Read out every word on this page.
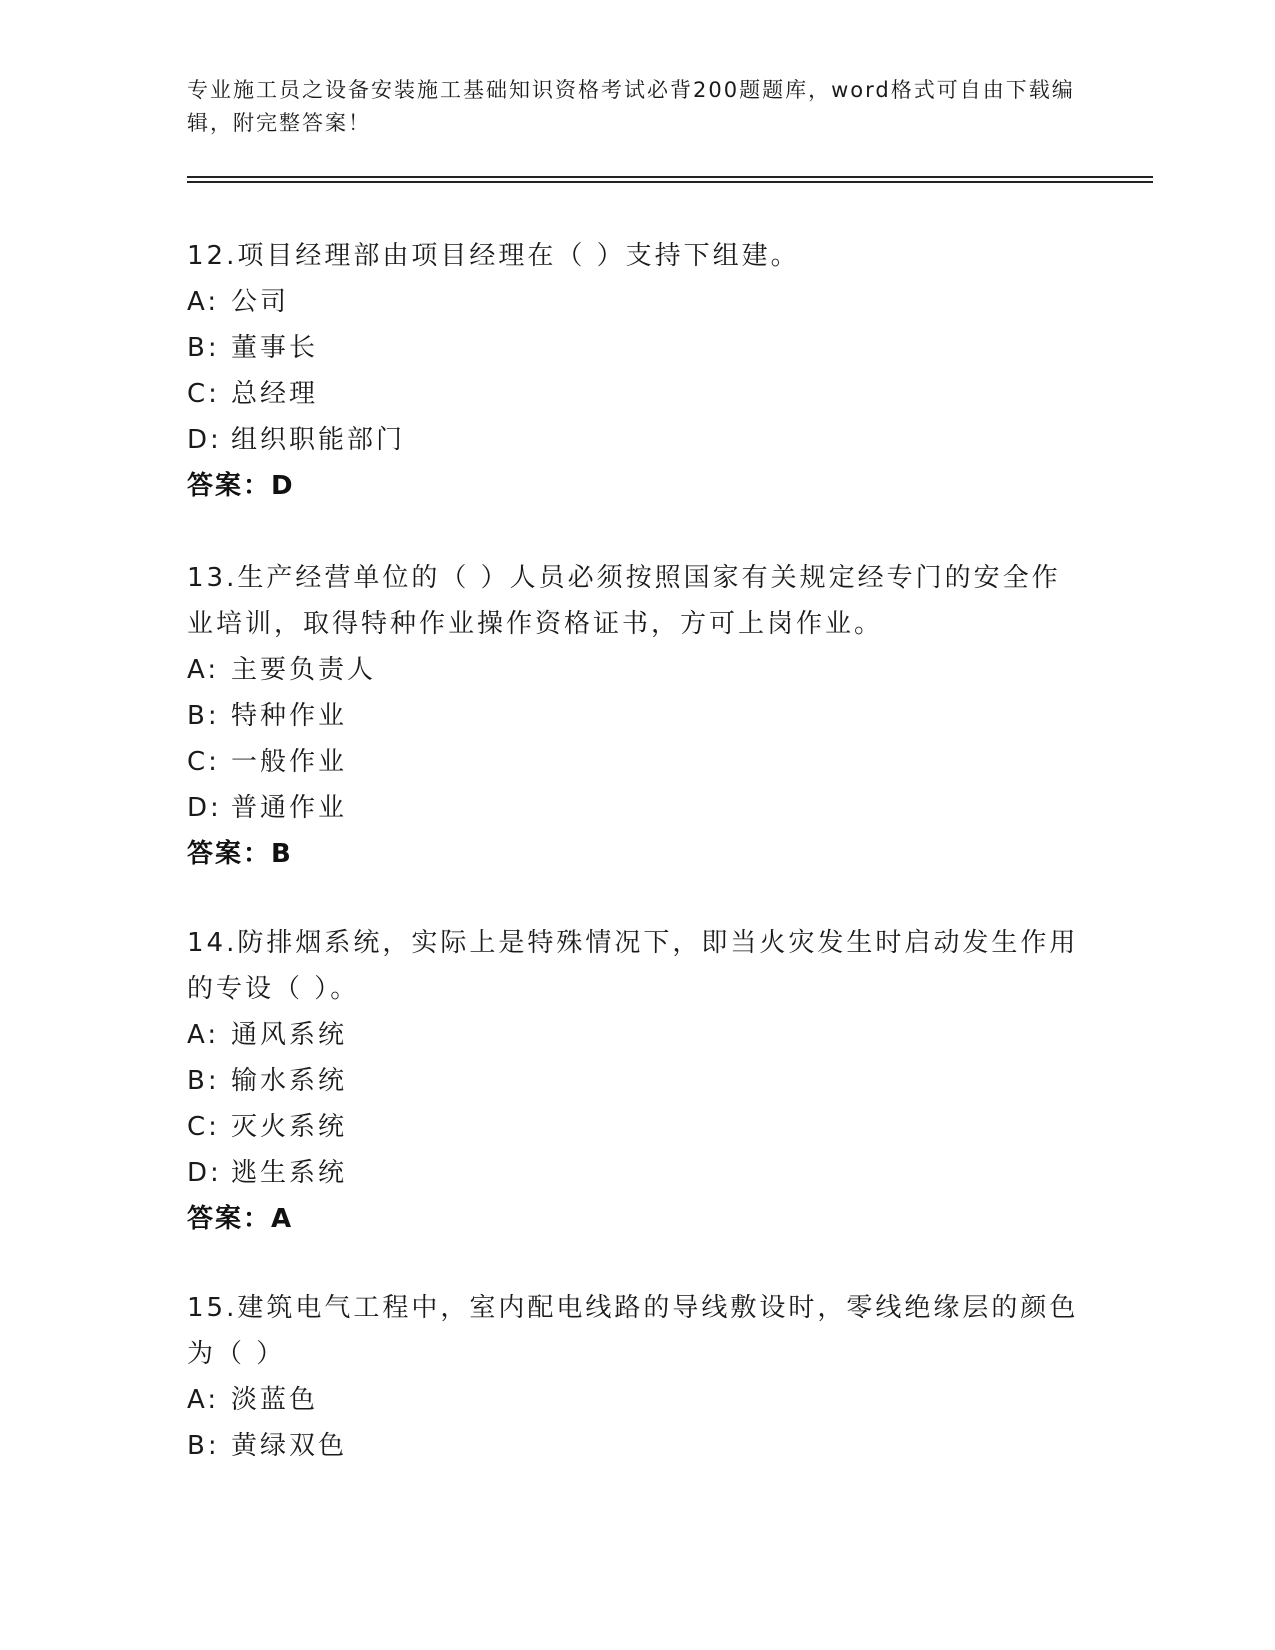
专业施工员之设备安装施工基础知识资格考试必背200题题库，word格式可自由下载编辑，附完整答案！
12.项目经理部由项目经理在（ ）支持下组建。
A: 公司
B: 董事长
C: 总经理
D: 组织职能部门
答案：D
13.生产经营单位的（ ）人员必须按照国家有关规定经专门的安全作业培训，取得特种作业操作资格证书，方可上岗作业。
A: 主要负责人
B: 特种作业
C: 一般作业
D: 普通作业
答案：B
14.防排烟系统，实际上是特殊情况下，即当火灾发生时启动发生作用的专设（ ）。
A: 通风系统
B: 输水系统
C: 灭火系统
D: 逃生系统
答案：A
15.建筑电气工程中，室内配电线路的导线敷设时，零线绝缘层的颜色为（ ）
A: 淡蓝色
B: 黄绿双色
